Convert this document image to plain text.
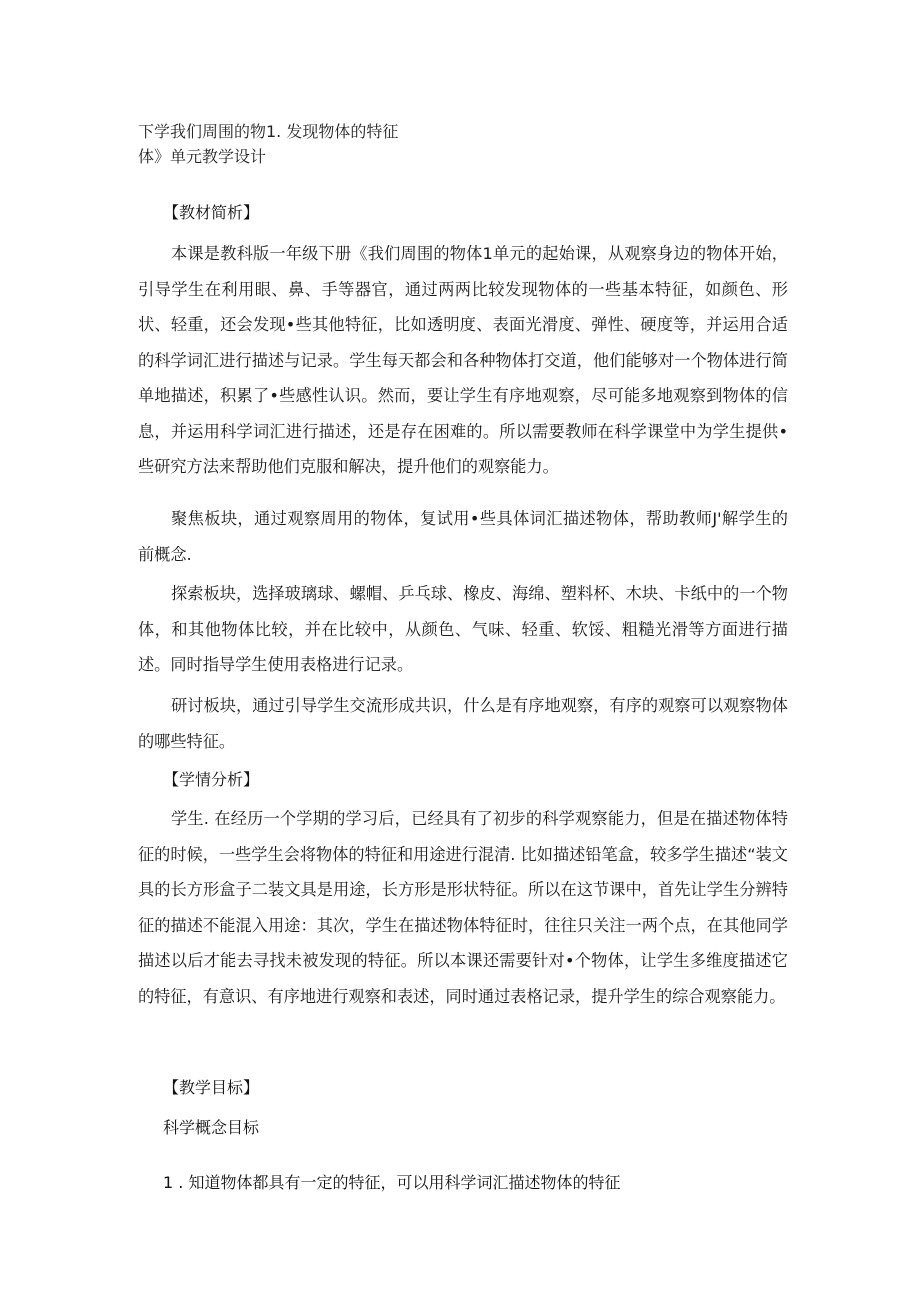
下学我们周围的物1. 发现物体的特征
体》单元教学设计
【教材简析】

本课是教科版一年级下册《我们周围的物体1单元的起始课，从观察身边的物体开始，引导学生在利用眼、鼻、手等器官，通过两两比较发现物体的一些基本特征，如颜色、形状、轻重，还会发现•些其他特征，比如透明度、表面光滑度、弹性、硬度等，并运用合适的科学词汇进行描述与记录。学生每天都会和各种物体打交道，他们能够对一个物体进行简单地描述，积累了•些感性认识。然而，要让学生有序地观察，尽可能多地观察到物体的信息，并运用科学词汇进行描述，还是存在困难的。所以需要教师在科学课堂中为学生提供•些研究方法来帮助他们克服和解决，提升他们的观察能力。

聚焦板块，通过观察周用的物体，复试用•些具体词汇描述物体，帮助教师J'解学生的前概念.

探索板块，选择玻璃球、螺帽、乒乓球、橡皮、海绵、塑料杯、木块、卡纸中的一个物体，和其他物体比较，并在比较中，从颜色、气味、轻重、软馁、粗糙光滑等方面进行描述。同时指导学生使用表格进行记录。

研讨板块，通过引导学生交流形成共识，什么是有序地观察，有序的观察可以观察物体的哪些特征。

【学情分析】

学生. 在经历一个学期的学习后，已经具有了初步的科学观察能力，但是在描述物体特征的时候，一些学生会将物体的特征和用途进行混清. 比如描述铅笔盒，较多学生描述“装文具的长方形盒子二装文具是用途，长方形是形状特征。所以在这节课中，首先让学生分辨特征的描述不能混入用途：其次，学生在描述物体特征时，往往只关注一两个点，在其他同学描述以后才能去寻找未被发现的特征。所以本课还需要针对•个物体，让学生多维度描述它的特征，有意识、有序地进行观察和表述，同时通过表格记录，提升学生的综合观察能力。

【教学目标】
科学概念目标
1 . 知道物体都具有一定的特征，可以用科学词汇描述物体的特征
